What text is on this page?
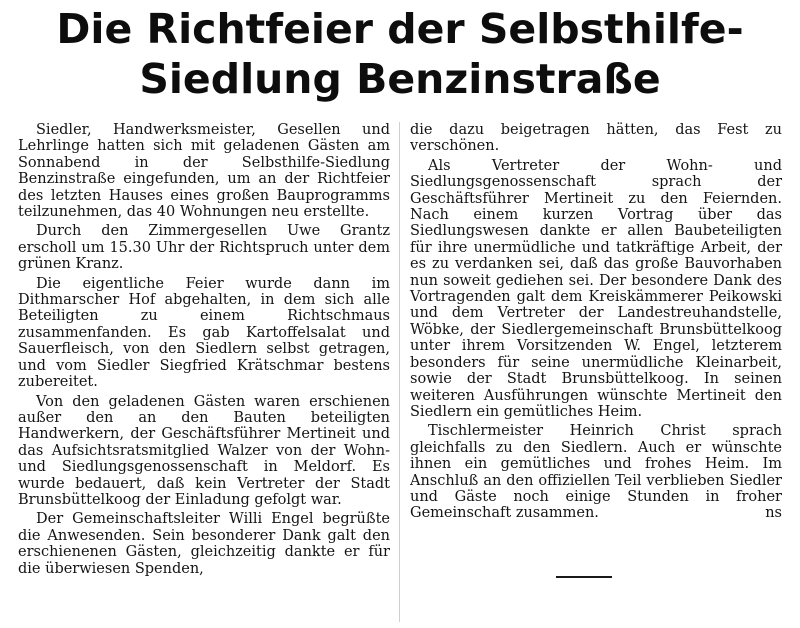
Die Richtfeier der Selbsthilfe-
Siedlung Benzinstraße

Siedler, Handwerksmeister, Gesellen und Lehrlinge hatten sich mit geladenen Gästen am Sonnabend in der Selbsthilfe-Siedlung Benzinstraße eingefunden, um an der Richtfeier des letzten Hauses eines großen Bauprogramms teilzunehmen, das 40 Wohnungen neu erstellte.

Durch den Zimmergesellen Uwe Grantz erscholl um 15.30 Uhr der Richtspruch unter dem grünen Kranz.

Die eigentliche Feier wurde dann im Dithmarscher Hof abgehalten, in dem sich alle Beteiligten zu einem Richtschmaus zusammenfanden. Es gab Kartoffelsalat und Sauerfleisch, von den Siedlern selbst getragen, und vom Siedler Siegfried Krätschmar bestens zubereitet.

Von den geladenen Gästen waren erschienen außer den an den Bauten beteiligten Handwerkern, der Geschäftsführer Mertineit und das Aufsichtsratsmitglied Walzer von der Wohn- und Siedlungsgenossenschaft in Meldorf. Es wurde bedauert, daß kein Vertreter der Stadt Brunsbüttelkoog der Einladung gefolgt war.

Der Gemeinschaftsleiter Willi Engel begrüßte die Anwesenden. Sein besonderer Dank galt den erschienenen Gästen, gleichzeitig dankte er für die überwiesen Spenden,

die dazu beigetragen hätten, das Fest zu verschönen.

Als Vertreter der Wohn- und Siedlungsgenossenschaft sprach der Geschäftsführer Mertineit zu den Feiernden. Nach einem kurzen Vortrag über das Siedlungswesen dankte er allen Baubeteiligten für ihre unermüdliche und tatkräftige Arbeit, der es zu verdanken sei, daß das große Bauvorhaben nun soweit gediehen sei. Der besondere Dank des Vortragenden galt dem Kreiskämmerer Peikowski und dem Vertreter der Landestreuhandstelle, Wöbke, der Siedlergemeinschaft Brunsbüttelkoog unter ihrem Vorsitzenden W. Engel, letzterem besonders für seine unermüdliche Kleinarbeit, sowie der Stadt Brunsbüttelkoog. In seinen weiteren Ausführungen wünschte Mertineit den Siedlern ein gemütliches Heim.

Tischlermeister Heinrich Christ sprach gleichfalls zu den Siedlern. Auch er wünschte ihnen ein gemütliches und frohes Heim. Im Anschluß an den offiziellen Teil verblieben Siedler und Gäste noch einige Stunden in froher Gemeinschaft zusammen.	ns
